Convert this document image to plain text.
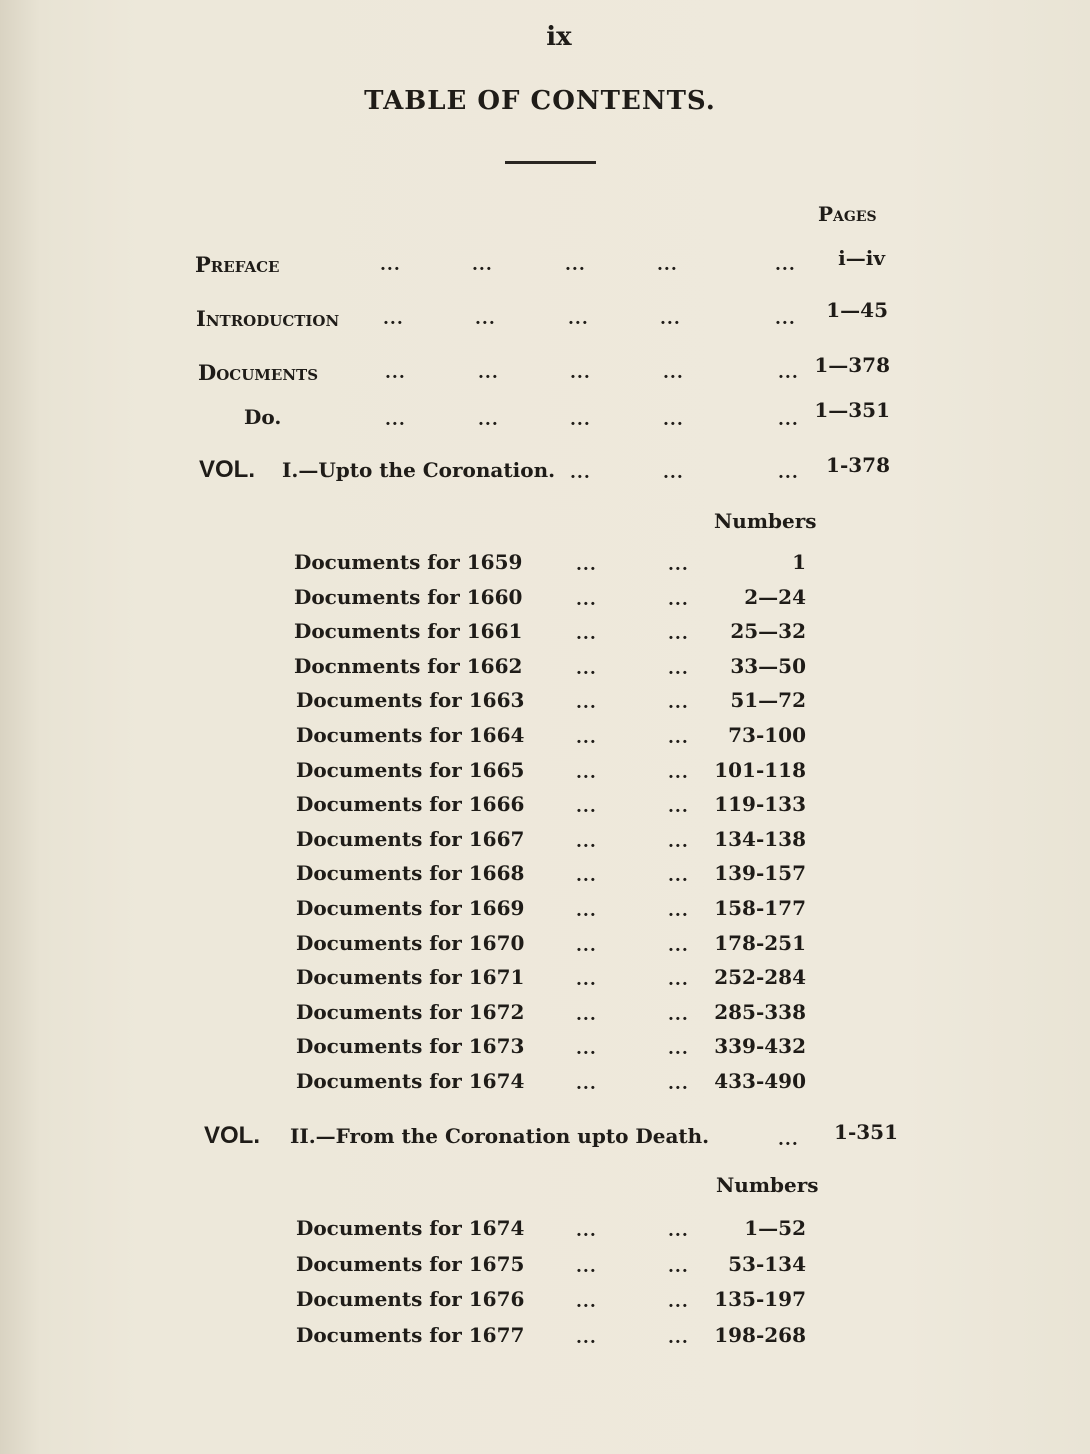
ix
TABLE OF CONTENTS.
Pages
Preface	...	...	...	...	...	i—iv
Introduction	...	...	...	...	...	1—45
Documents	...	...	...	...	... 1—378
Do.	...	...	...	...	... 1—351
VOL. I.—Upto the Coronation. ...	...	...	1-378
Numbers
Documents for 1659	...	...	1
Documents for 1660	...	...	2—24
Documents for 1661	...	...	25—32
Docnments for 1662	...	...	33—50
Documents for 1663	...	...	51—72
Documents for 1664	...	...	73-100
Documents for 1665	...	...	101-118
Documents for 1666	...	...	119-133
Documents for 1667	...	...	134-138
Documents for 1668	...	...	139-157
Documents for 1669	...	...	158-177
Documents for 1670	...	...	178-251
Documents for 1671	...	...	252-284
Documents for 1672	...	...	285-338
Documents for 1673	...	...	339-432
Documents for 1674	...	...	433-490
VOL. II.—From the Coronation upto Death.	...	1-351
Numbers
Documents for 1674	...	...	1—52
Documents for 1675	...	...	53-134
Documents for 1676	...	...	135-197
Documents for 1677	...	...	198-268
